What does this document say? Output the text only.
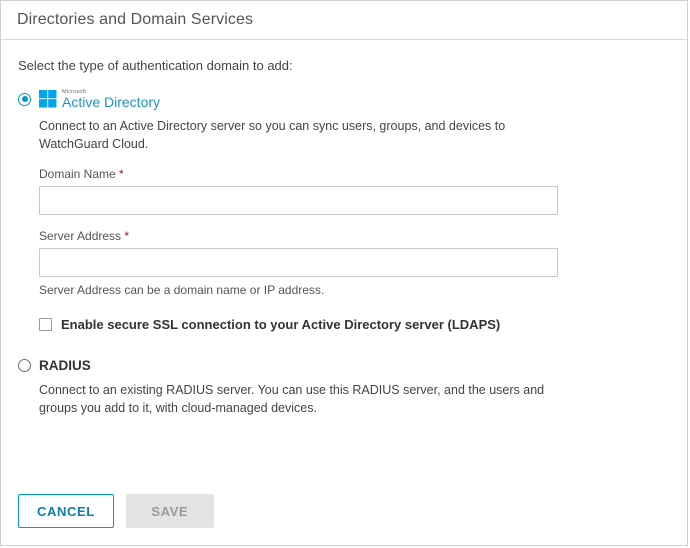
Directories and Domain Services
Select the type of authentication domain to add:
Microsoft
Active Directory
Connect to an Active Directory server so you can sync users, groups, and devices to WatchGuard Cloud.
Domain Name *
Server Address *
Server Address can be a domain name or IP address.
Enable secure SSL connection to your Active Directory server (LDAPS)
RADIUS
Connect to an existing RADIUS server. You can use this RADIUS server, and the users and groups you add to it, with cloud-managed devices.
CANCEL	SAVE
